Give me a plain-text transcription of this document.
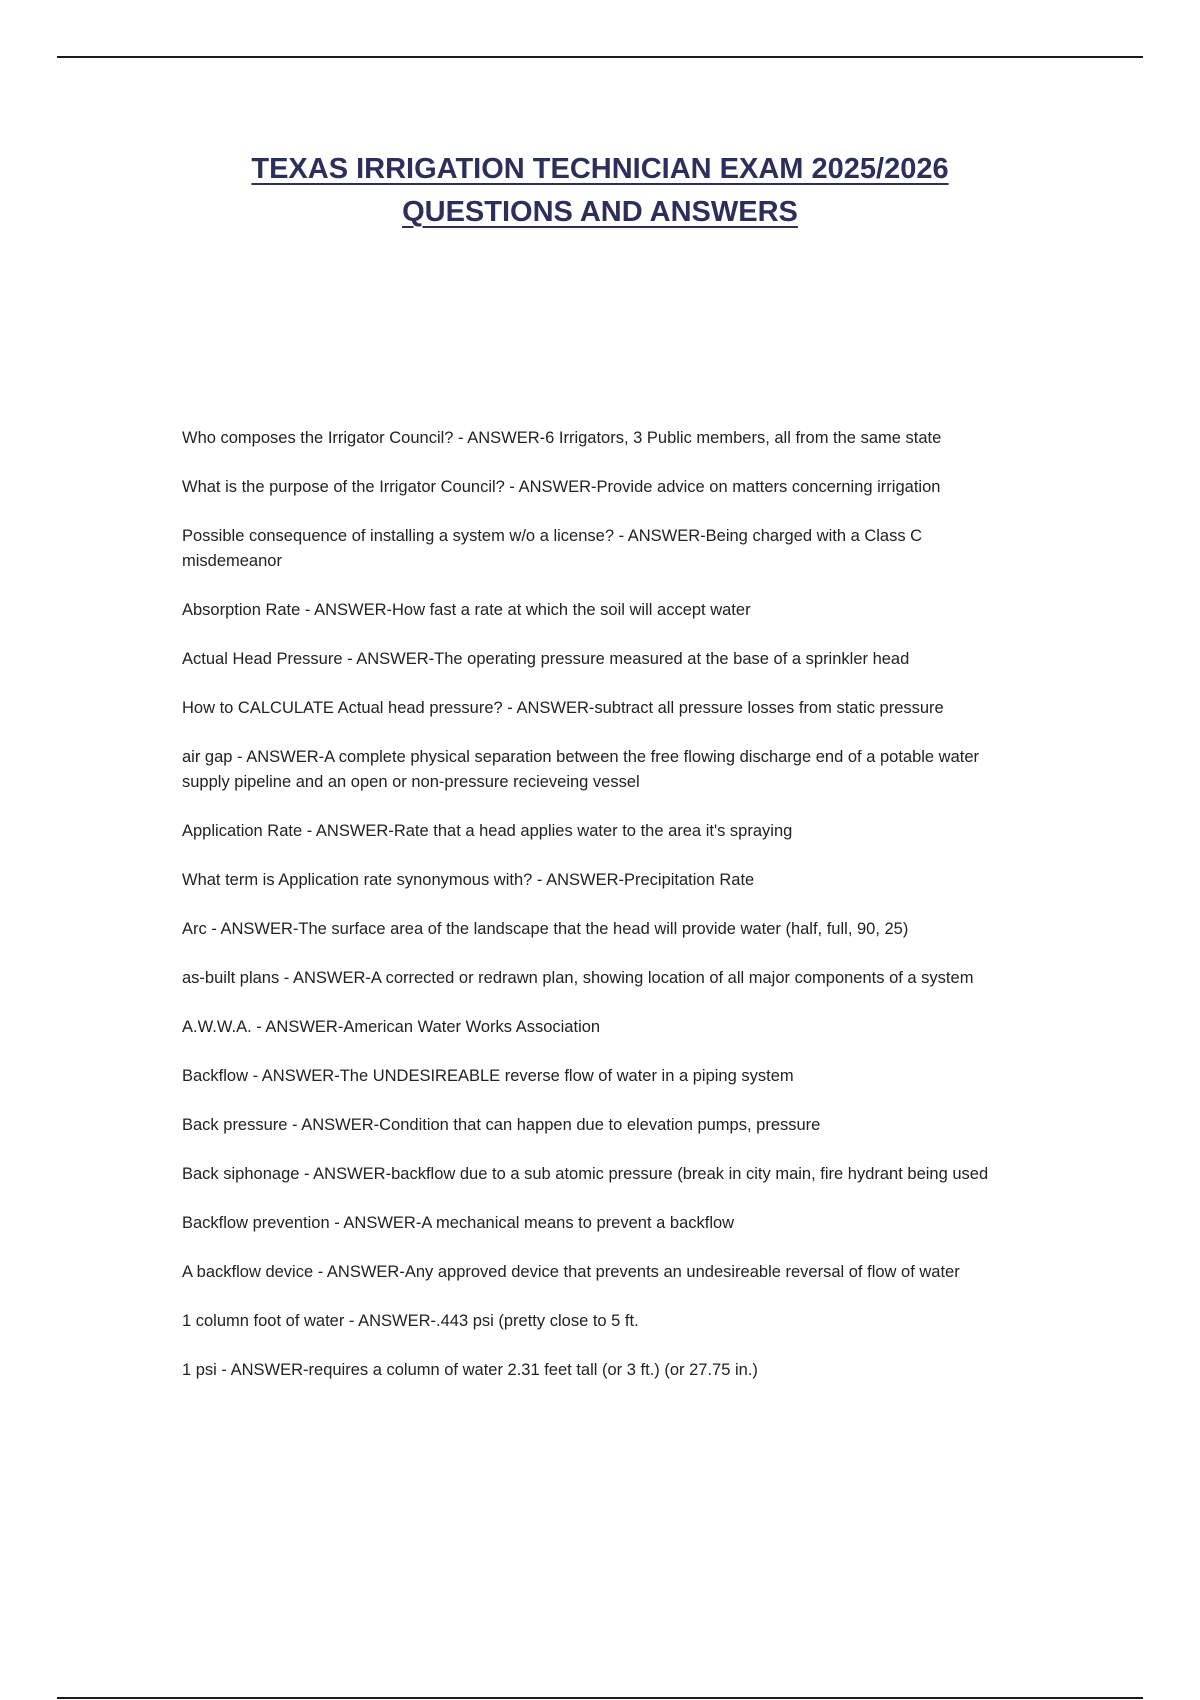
TEXAS IRRIGATION TECHNICIAN EXAM 2025/2026
QUESTIONS AND ANSWERS
Who composes the Irrigator Council? - ANSWER-6 Irrigators, 3 Public members, all from the same state
What is the purpose of the Irrigator Council? - ANSWER-Provide advice on matters concerning irrigation
Possible consequence of installing a system w/o a license? - ANSWER-Being charged with a Class C misdemeanor
Absorption Rate - ANSWER-How fast a rate at which the soil will accept water
Actual Head Pressure - ANSWER-The operating pressure measured at the base of a sprinkler head
How to CALCULATE Actual head pressure? - ANSWER-subtract all pressure losses from static pressure
air gap - ANSWER-A complete physical separation between the free flowing discharge end of a potable water supply pipeline and an open or non-pressure recieveing vessel
Application Rate - ANSWER-Rate that a head applies water to the area it's spraying
What term is Application rate synonymous with? - ANSWER-Precipitation Rate
Arc - ANSWER-The surface area of the landscape that the head will provide water (half, full, 90, 25)
as-built plans - ANSWER-A corrected or redrawn plan, showing location of all major components of a system
A.W.W.A. - ANSWER-American Water Works Association
Backflow - ANSWER-The UNDESIREABLE reverse flow of water in a piping system
Back pressure - ANSWER-Condition that can happen due to elevation pumps, pressure
Back siphonage - ANSWER-backflow due to a sub atomic pressure (break in city main, fire hydrant being used
Backflow prevention - ANSWER-A mechanical means to prevent a backflow
A backflow device - ANSWER-Any approved device that prevents an undesireable reversal of flow of water
1 column foot of water - ANSWER-.443 psi (pretty close to 5 ft.
1 psi - ANSWER-requires a column of water 2.31 feet tall (or 3 ft.) (or 27.75 in.)
